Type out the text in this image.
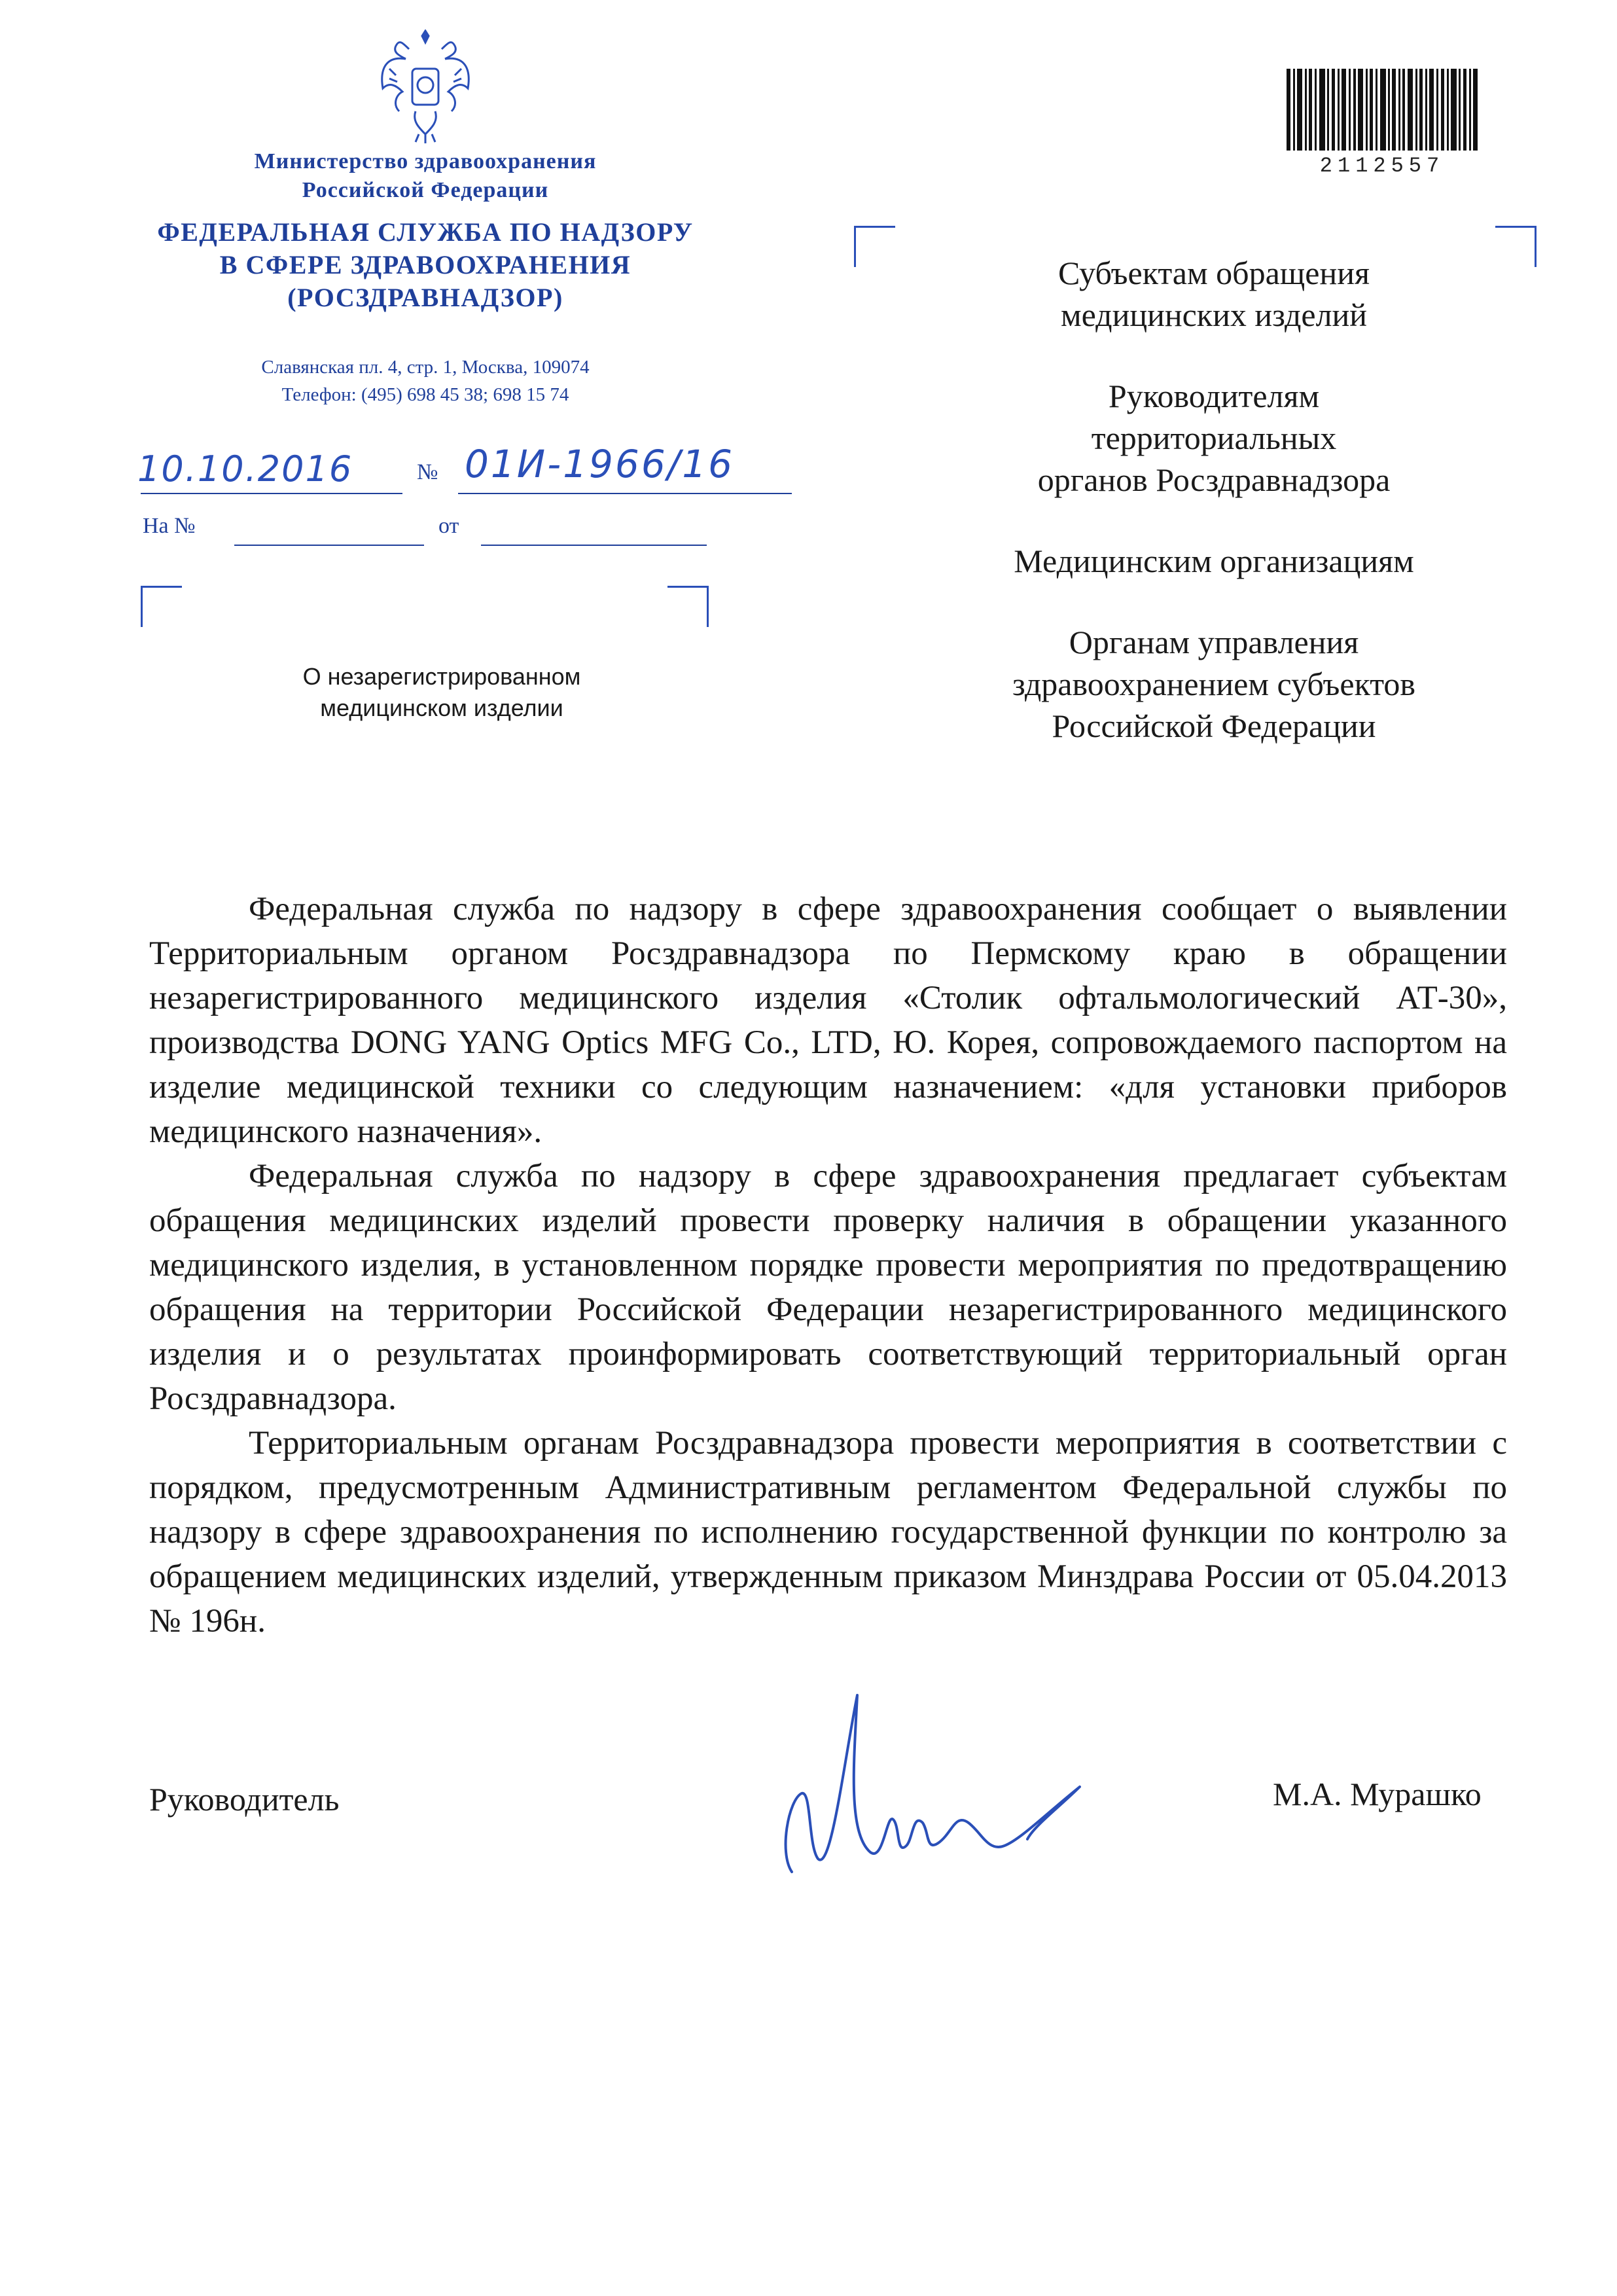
Министерство здравоохранения
Российской Федерации
ФЕДЕРАЛЬНАЯ СЛУЖБА ПО НАДЗОРУ
В СФЕРЕ ЗДРАВООХРАНЕНИЯ
(РОСЗДРАВНАДЗОР)
Славянская пл. 4, стр. 1, Москва, 109074
Телефон: (495) 698 45 38; 698 15 74
10.10.2016	№ 01И-1966/16
На №	от
О незарегистрированном
медицинском изделии
2112557
Субъектам обращения
медицинских изделий
Руководителям
территориальных
органов Росздравнадзора
Медицинским организациям
Органам управления
здравоохранением субъектов
Российской Федерации

Федеральная служба по надзору в сфере здравоохранения сообщает о выявлении Территориальным органом Росздравнадзора по Пермскому краю в обращении незарегистрированного медицинского изделия «Столик офтальмологический АТ-30», производства DONG YANG Optics MFG Co., LTD, Ю. Корея, сопровождаемого паспортом на изделие медицинской техники со следующим назначением: «для установки приборов медицинского назначения».

Федеральная служба по надзору в сфере здравоохранения предлагает субъектам обращения медицинских изделий провести проверку наличия в обращении указанного медицинского изделия, в установленном порядке провести мероприятия по предотвращению обращения на территории Российской Федерации незарегистрированного медицинского изделия и о результатах проинформировать соответствующий территориальный орган Росздравнадзора.

Территориальным органам Росздравнадзора провести мероприятия в соответствии с порядком, предусмотренным Административным регламентом Федеральной службы по надзору в сфере здравоохранения по исполнению государственной функции по контролю за обращением медицинских изделий, утвержденным приказом Минздрава России от 05.04.2013 № 196н.

Руководитель	М.А. Мурашко
